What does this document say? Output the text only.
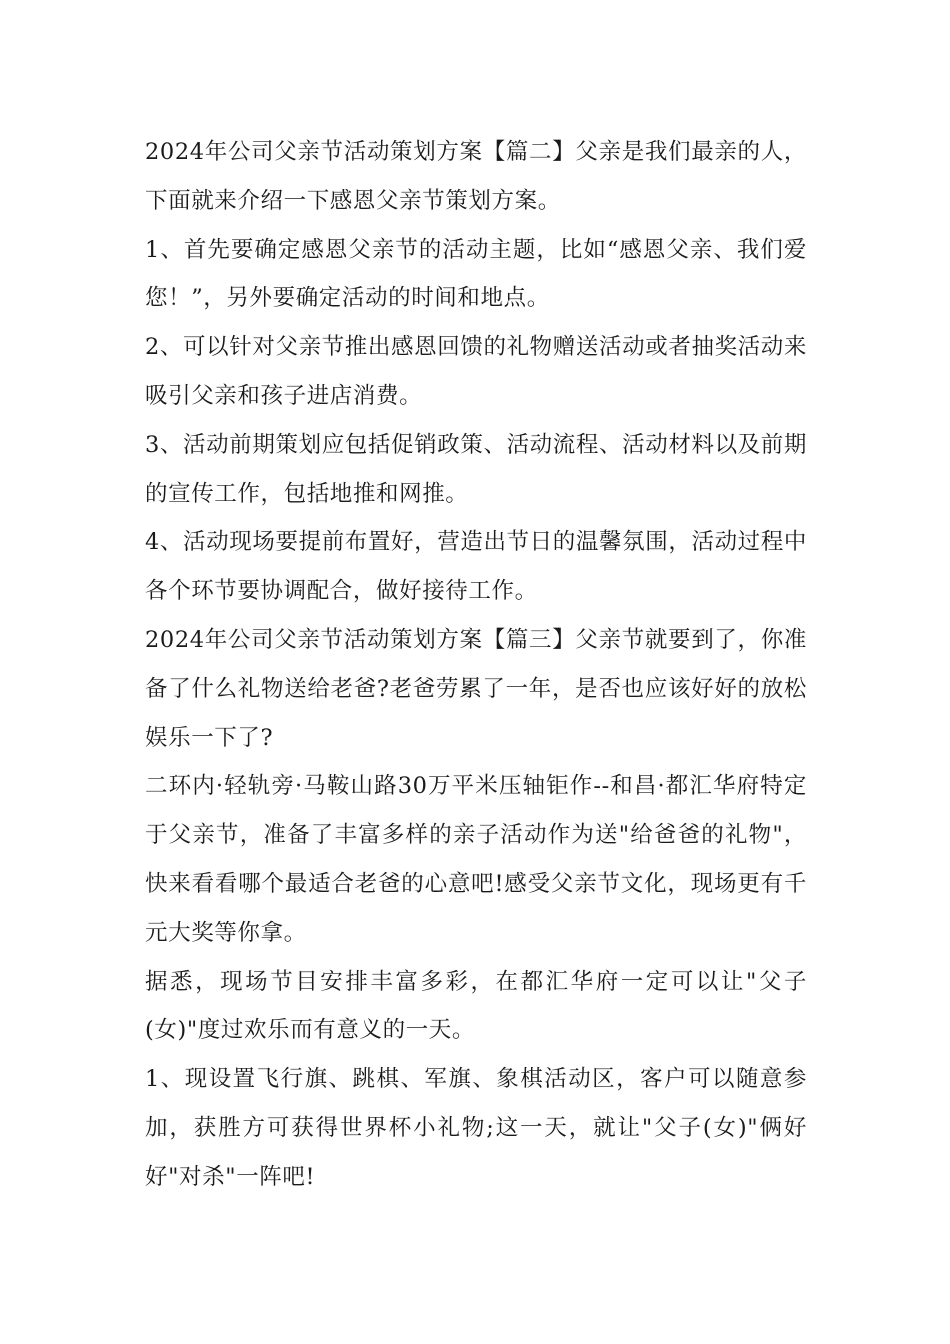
2024年公司父亲节活动策划方案【篇二】父亲是我们最亲的人，下面就来介绍一下感恩父亲节策划方案。

1、首先要确定感恩父亲节的活动主题，比如“感恩父亲、我们爱您！”，另外要确定活动的时间和地点。

2、可以针对父亲节推出感恩回馈的礼物赠送活动或者抽奖活动来吸引父亲和孩子进店消费。

3、活动前期策划应包括促销政策、活动流程、活动材料以及前期的宣传工作，包括地推和网推。

4、活动现场要提前布置好，营造出节日的温馨氛围，活动过程中各个环节要协调配合，做好接待工作。

2024年公司父亲节活动策划方案【篇三】父亲节就要到了，你准备了什么礼物送给老爸?老爸劳累了一年，是否也应该好好的放松娱乐一下了?

二环内·轻轨旁·马鞍山路30万平米压轴钜作--和昌·都汇华府特定于父亲节，准备了丰富多样的亲子活动作为送"给爸爸的礼物"，快来看看哪个最适合老爸的心意吧!感受父亲节文化，现场更有千元大奖等你拿。

据悉，现场节目安排丰富多彩，在都汇华府一定可以让"父子(女)"度过欢乐而有意义的一天。

1、现设置飞行旗、跳棋、军旗、象棋活动区，客户可以随意参加，获胜方可获得世界杯小礼物;这一天，就让"父子(女)"俩好好"对杀"一阵吧!
